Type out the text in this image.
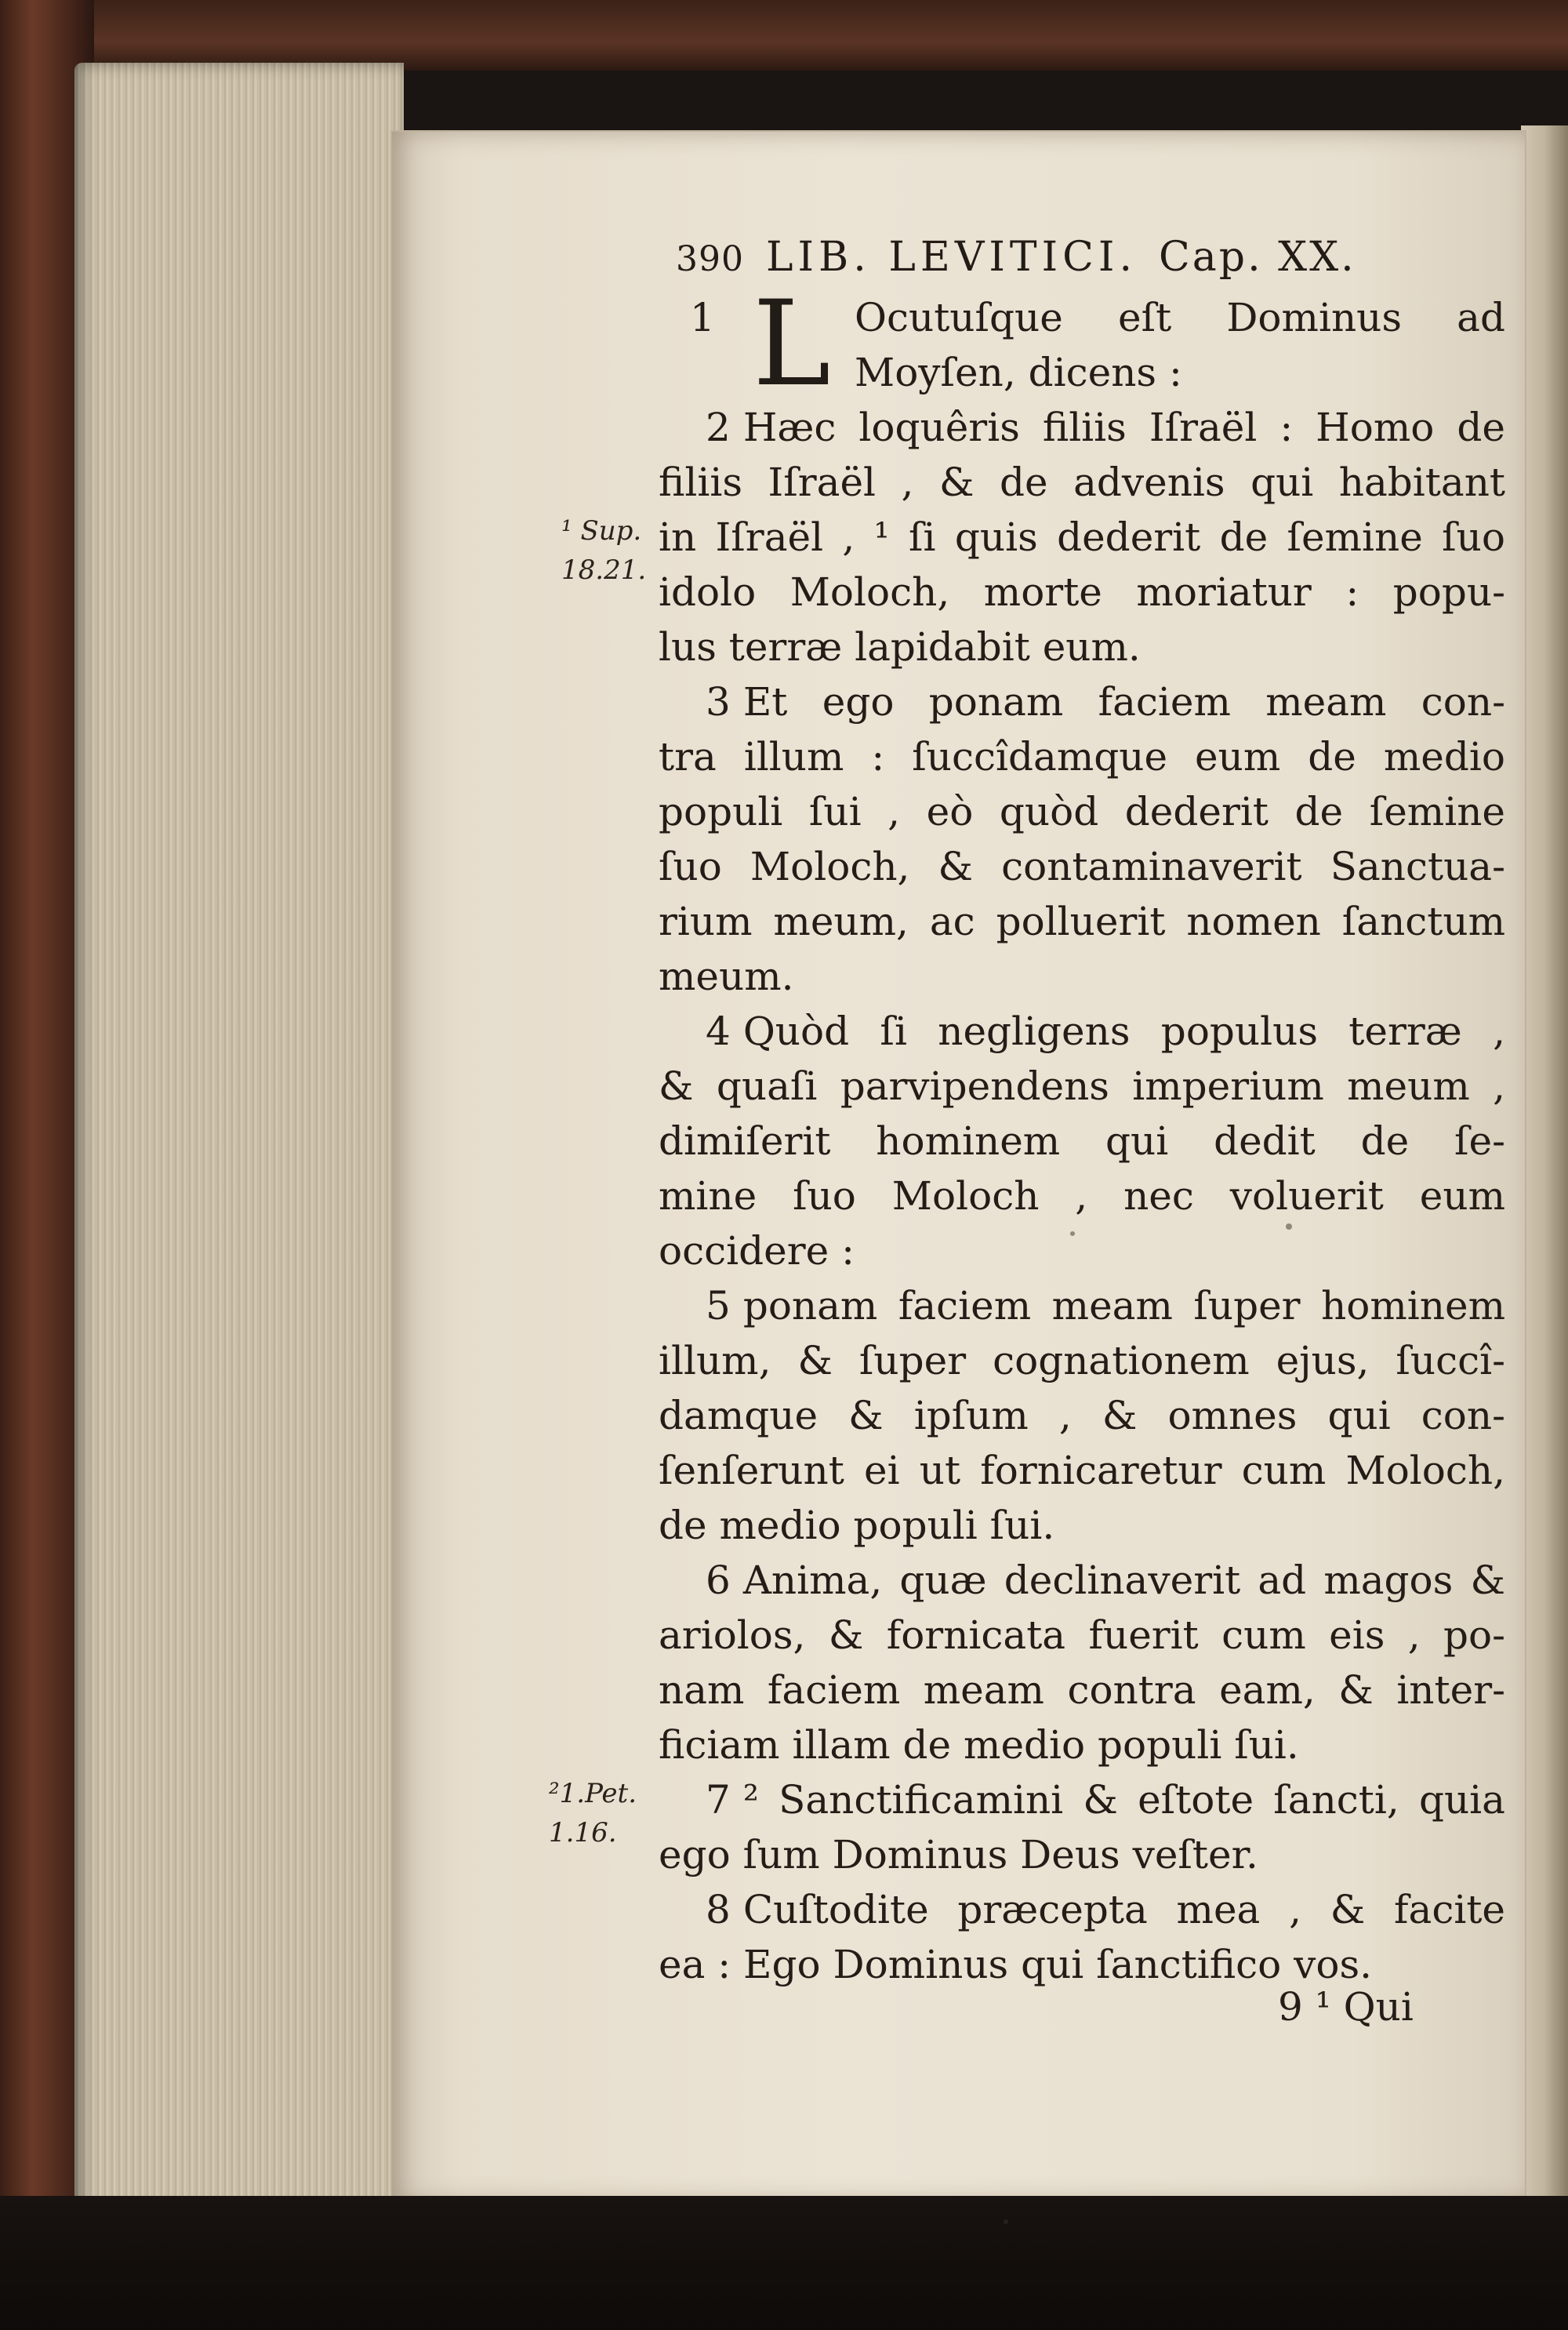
390 LIB. LEVITICI. Cap. XX.
¹ Sup.
18.21.
²1.Pet.
1.16.
1 L Ocutuſque eſt Dominus ad
Moyſen, dicens :
2 Hæc loquêris filiis Iſraël : Homo de
filiis Iſraël , & de advenis qui habitant
in Iſraël , ¹ ſi quis dederit de ſemine ſuo
idolo Moloch, morte moriatur : popu-
lus terræ lapidabit eum.
3 Et ego ponam faciem meam con-
tra illum : ſuccîdamque eum de medio
populi ſui , eò quòd dederit de ſemine
ſuo Moloch, & contaminaverit Sanctua-
rium meum, ac polluerit nomen ſanctum
meum.
4 Quòd ſi negligens populus terræ ,
& quaſi parvipendens imperium meum ,
dimiſerit hominem qui dedit de ſe-
mine ſuo Moloch , nec voluerit eum
occidere :
5 ponam faciem meam ſuper hominem
illum, & ſuper cognationem ejus, ſuccî-
damque & ipſum , & omnes qui con-
ſenſerunt ei ut fornicaretur cum Moloch,
de medio populi ſui.
6 Anima, quæ declinaverit ad magos &
ariolos, & fornicata fuerit cum eis , po-
nam faciem meam contra eam, & inter-
ficiam illam de medio populi ſui.
7 ² Sanctificamini & eſtote ſancti, quia
ego ſum Dominus Deus veſter.
8 Cuſtodite præcepta mea , & facite
ea : Ego Dominus qui ſanctifico vos.
9 ¹ Qui
